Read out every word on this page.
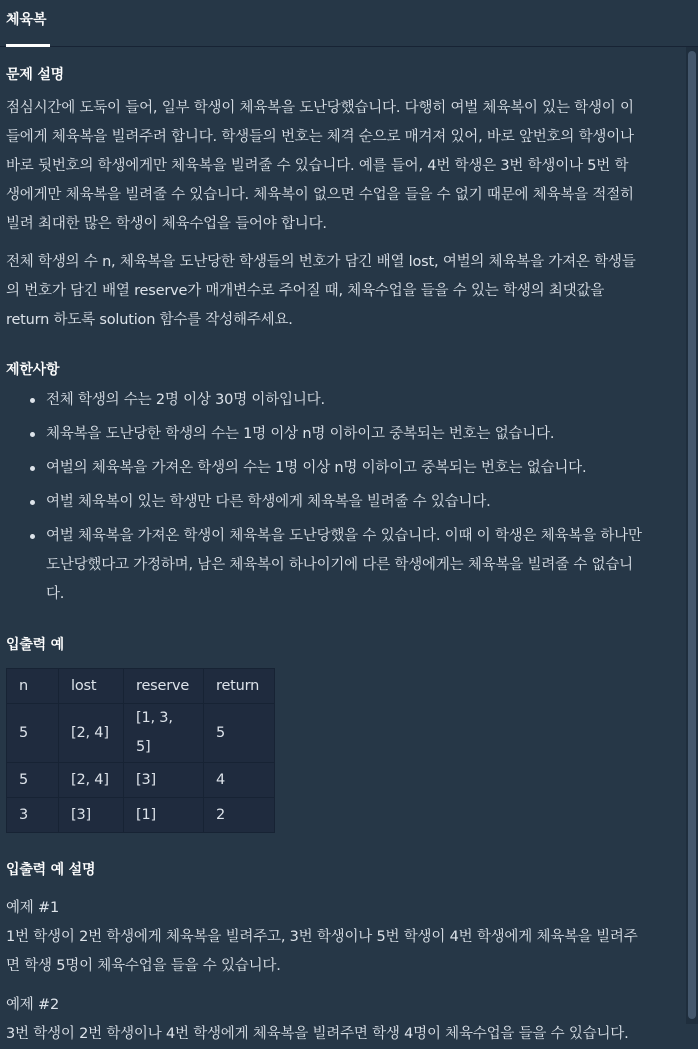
체육복
문제 설명

점심시간에 도둑이 들어, 일부 학생이 체육복을 도난당했습니다. 다행히 여벌 체육복이 있는 학생이 이
들에게 체육복을 빌려주려 합니다. 학생들의 번호는 체격 순으로 매겨져 있어, 바로 앞번호의 학생이나
바로 뒷번호의 학생에게만 체육복을 빌려줄 수 있습니다. 예를 들어, 4번 학생은 3번 학생이나 5번 학
생에게만 체육복을 빌려줄 수 있습니다. 체육복이 없으면 수업을 들을 수 없기 때문에 체육복을 적절히
빌려 최대한 많은 학생이 체육수업을 들어야 합니다.

전체 학생의 수 n, 체육복을 도난당한 학생들의 번호가 담긴 배열 lost, 여벌의 체육복을 가져온 학생들
의 번호가 담긴 배열 reserve가 매개변수로 주어질 때, 체육수업을 들을 수 있는 학생의 최댓값을
return 하도록 solution 함수를 작성해주세요.

제한사항
전체 학생의 수는 2명 이상 30명 이하입니다.
체육복을 도난당한 학생의 수는 1명 이상 n명 이하이고 중복되는 번호는 없습니다.
여벌의 체육복을 가져온 학생의 수는 1명 이상 n명 이하이고 중복되는 번호는 없습니다.
여벌 체육복이 있는 학생만 다른 학생에게 체육복을 빌려줄 수 있습니다.
여벌 체육복을 가져온 학생이 체육복을 도난당했을 수 있습니다. 이때 이 학생은 체육복을 하나만
도난당했다고 가정하며, 남은 체육복이 하나이기에 다른 학생에게는 체육복을 빌려줄 수 없습니
다.
입출력 예
n	lost	reserve	return
5	[2, 4]	[1, 3, 5]	5
5	[2, 4]	[3]	4
3	[3]	[1]	2
입출력 예 설명

예제 #1

1번 학생이 2번 학생에게 체육복을 빌려주고, 3번 학생이나 5번 학생이 4번 학생에게 체육복을 빌려주
면 학생 5명이 체육수업을 들을 수 있습니다.

예제 #2

3번 학생이 2번 학생이나 4번 학생에게 체육복을 빌려주면 학생 4명이 체육수업을 들을 수 있습니다.
